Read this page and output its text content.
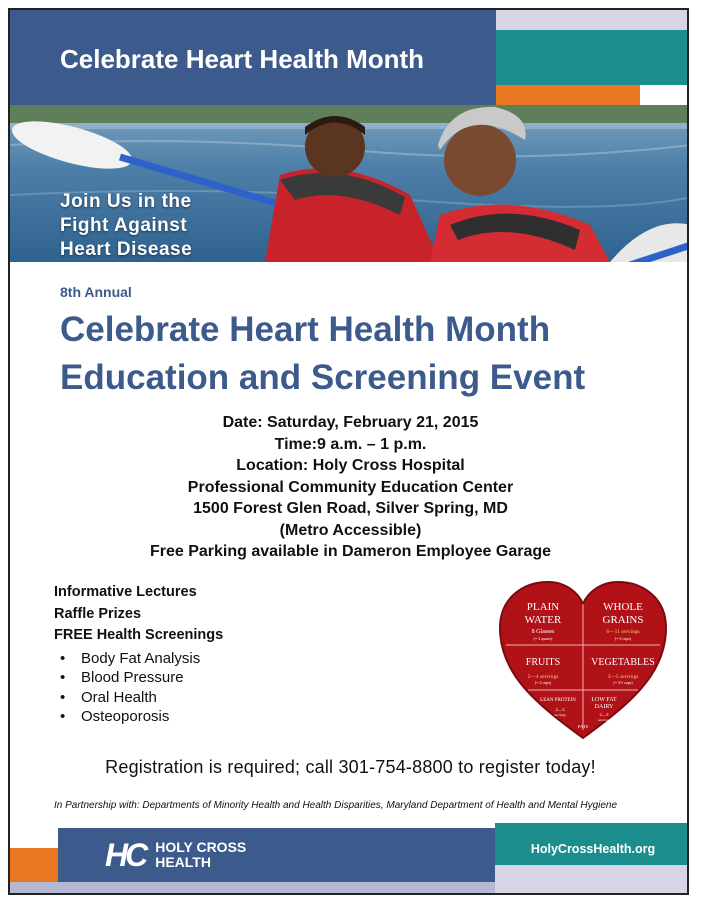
Celebrate Heart Health Month
Join Us in the
Fight Against
Heart Disease
8th Annual
Celebrate Heart Health Month
Education and Screening Event
Date: Saturday, February 21, 2015
Time:9 a.m. – 1 p.m.
Location: Holy Cross Hospital
Professional Community Education Center
1500 Forest Glen Road, Silver Spring, MD
(Metro Accessible)
Free Parking available in Dameron Employee Garage
Informative Lectures
Raffle Prizes
FREE Health Screenings
• Body Fat Analysis
• Blood Pressure
• Oral Health
• Osteoporosis
PLAIN
WATER
8 Glasses
(= 2 quarts)
WHOLE
GRAINS
6—11 servings
(= 6 cups)
FRUITS
2—4 servings
(= 2 cups)
VEGETABLES
3—5 servings
(= 2½ cups)
LEAN PROTEIN
2—3
servings
LOW FAT
DAIRY
2—3
servings
FATS
Registration is required; call 301-754-8800 to register today!
In Partnership with: Departments of Minority Health and Health Disparities, Maryland Department of Health and Mental Hygiene
HC HOLY CROSS
HEALTH
HolyCrossHealth.org
